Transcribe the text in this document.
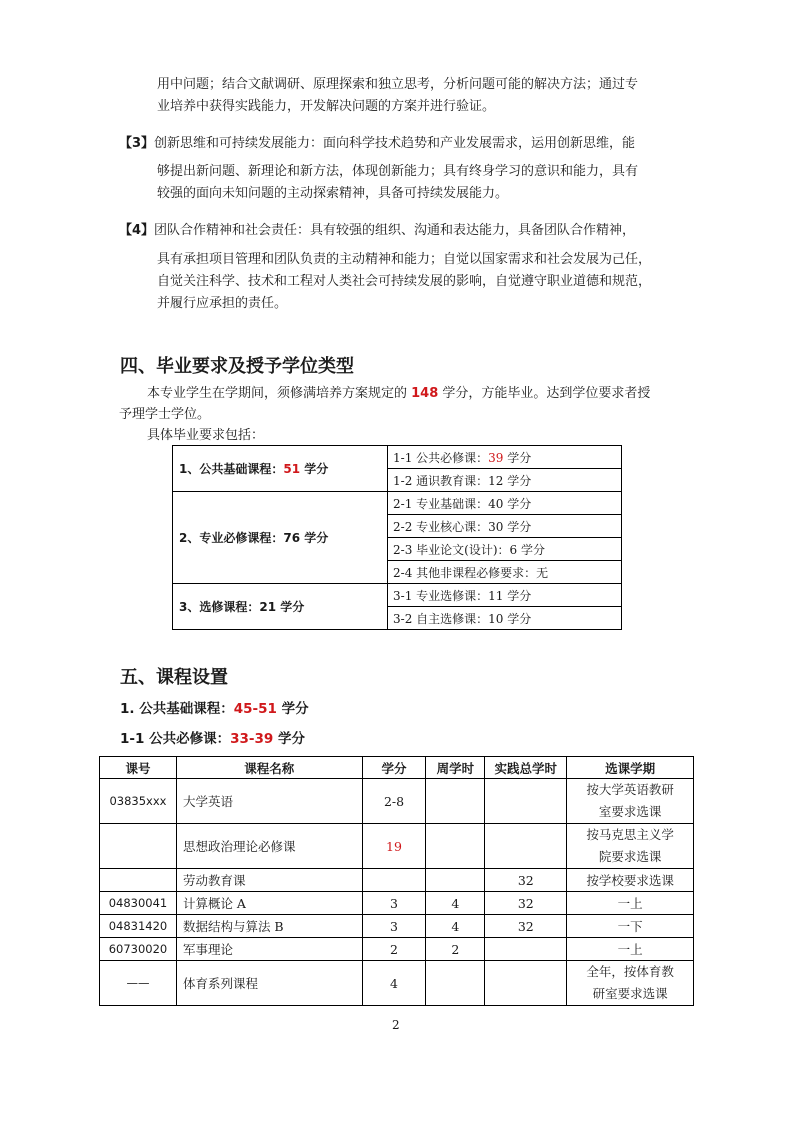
用中问题；结合文献调研、原理探索和独立思考，分析问题可能的解决方法；通过专
业培养中获得实践能力，开发解决问题的方案并进行验证。
【3】创新思维和可持续发展能力：面向科学技术趋势和产业发展需求，运用创新思维，能
够提出新问题、新理论和新方法，体现创新能力；具有终身学习的意识和能力，具有
较强的面向未知问题的主动探索精神，具备可持续发展能力。
【4】团队合作精神和社会责任：具有较强的组织、沟通和表达能力，具备团队合作精神，
具有承担项目管理和团队负责的主动精神和能力；自觉以国家需求和社会发展为己任，
自觉关注科学、技术和工程对人类社会可持续发展的影响，自觉遵守职业道德和规范，
并履行应承担的责任。
四、毕业要求及授予学位类型
本专业学生在学期间，须修满培养方案规定的 148 学分，方能毕业。达到学位要求者授
予理学士学位。
具体毕业要求包括：
1、公共基础课程：51 学分	1-1 公共必修课：39 学分
	1-2 通识教育课：12 学分
2、专业必修课程：76 学分	2-1 专业基础课：40 学分
	2-2 专业核心课：30 学分
	2-3 毕业论文(设计)：6 学分
	2-4 其他非课程必修要求：无
3、选修课程：21 学分	3-1 专业选修课：11 学分
	3-2 自主选修课：10 学分
五、课程设置
1. 公共基础课程：45-51 学分
1-1 公共必修课：33-39 学分
课号	课程名称	学分	周学时	实践总学时	选课学期
03835xxx	大学英语	2-8			按大学英语教研
室要求选课

	思想政治理论必修课	19			按马克思主义学
院要求选课

	劳动教育课			32	按学校要求选课
04830041	计算概论 A	3	4	32	一上
04831420	数据结构与算法 B	3	4	32	一下
60730020	军事理论	2	2		一上
——	体育系列课程	4			全年，按体育教
研室要求选课
2
